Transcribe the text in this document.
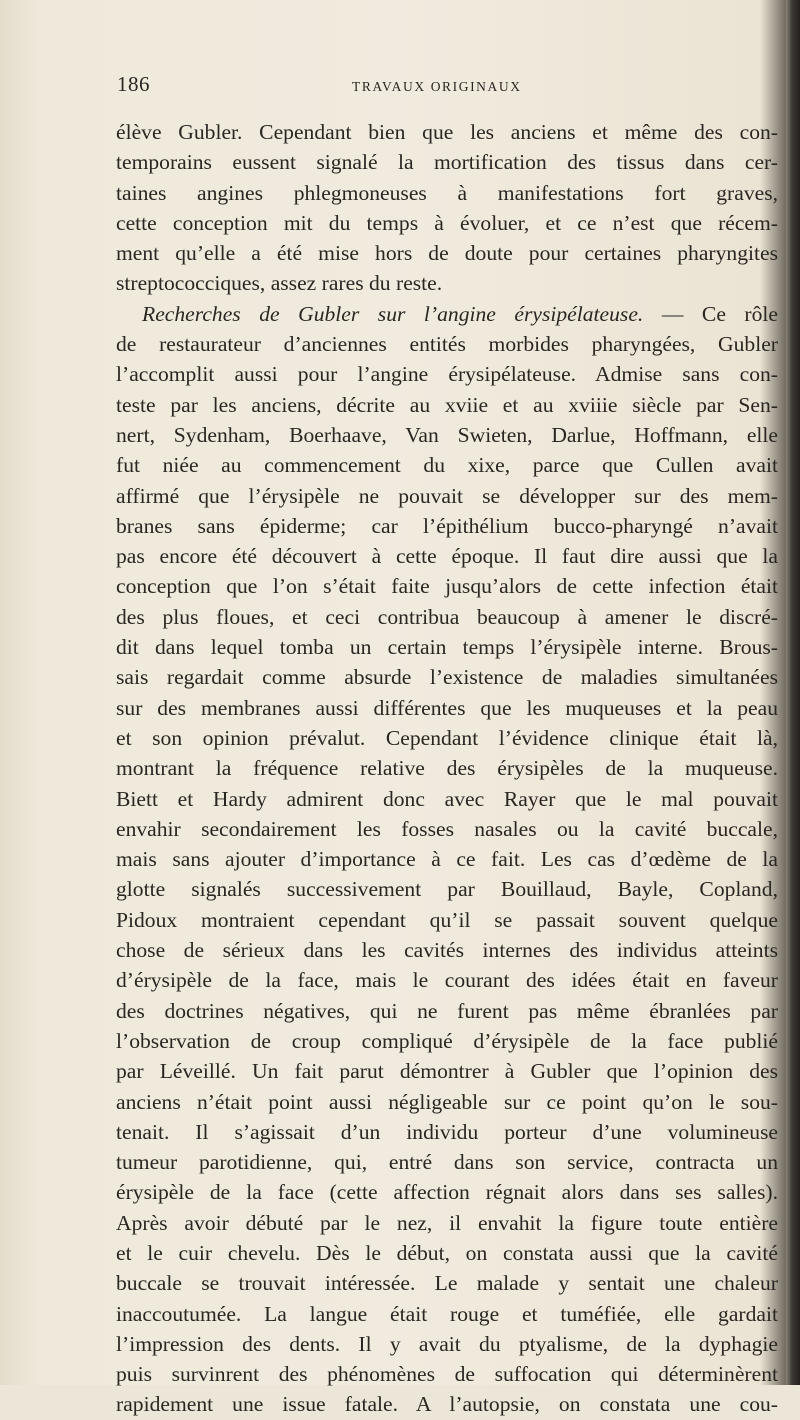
186	TRAVAUX ORIGINAUX
élève Gubler. Cependant bien que les anciens et même des con-
temporains eussent signalé la mortification des tissus dans cer-
taines angines phlegmoneuses à manifestations fort graves,
cette conception mit du temps à évoluer, et ce n’est que récem-
ment qu’elle a été mise hors de doute pour certaines pharyngites
streptococciques, assez rares du reste.
Recherches de Gubler sur l’angine érysipélateuse. — Ce rôle
de restaurateur d’anciennes entités morbides pharyngées, Gubler
l’accomplit aussi pour l’angine érysipélateuse. Admise sans con-
teste par les anciens, décrite au xviie et au xviiie siècle par Sen-
nert, Sydenham, Boerhaave, Van Swieten, Darlue, Hoffmann, elle
fut niée au commencement du xixe, parce que Cullen avait
affirmé que l’érysipèle ne pouvait se développer sur des mem-
branes sans épiderme; car l’épithélium bucco-pharyngé n’avait
pas encore été découvert à cette époque. Il faut dire aussi que la
conception que l’on s’était faite jusqu’alors de cette infection était
des plus floues, et ceci contribua beaucoup à amener le discré-
dit dans lequel tomba un certain temps l’érysipèle interne. Brous-
sais regardait comme absurde l’existence de maladies simultanées
sur des membranes aussi différentes que les muqueuses et la peau
et son opinion prévalut. Cependant l’évidence clinique était là,
montrant la fréquence relative des érysipèles de la muqueuse.
Biett et Hardy admirent donc avec Rayer que le mal pouvait
envahir secondairement les fosses nasales ou la cavité buccale,
mais sans ajouter d’importance à ce fait. Les cas d’œdème de la
glotte signalés successivement par Bouillaud, Bayle, Copland,
Pidoux montraient cependant qu’il se passait souvent quelque
chose de sérieux dans les cavités internes des individus atteints
d’érysipèle de la face, mais le courant des idées était en faveur
des doctrines négatives, qui ne furent pas même ébranlées par
l’observation de croup compliqué d’érysipèle de la face publié
par Léveillé. Un fait parut démontrer à Gubler que l’opinion des
anciens n’était point aussi négligeable sur ce point qu’on le sou-
tenait. Il s’agissait d’un individu porteur d’une volumineuse
tumeur parotidienne, qui, entré dans son service, contracta un
érysipèle de la face (cette affection régnait alors dans ses salles).
Après avoir débuté par le nez, il envahit la figure toute entière
et le cuir chevelu. Dès le début, on constata aussi que la cavité
buccale se trouvait intéressée. Le malade y sentait une chaleur
inaccoutumée. La langue était rouge et tuméfiée, elle gardait
l’impression des dents. Il y avait du ptyalisme, de la dyphagie
puis survinrent des phénomènes de suffocation qui déterminèrent
rapidement une issue fatale. A l’autopsie, on constata une cou-
